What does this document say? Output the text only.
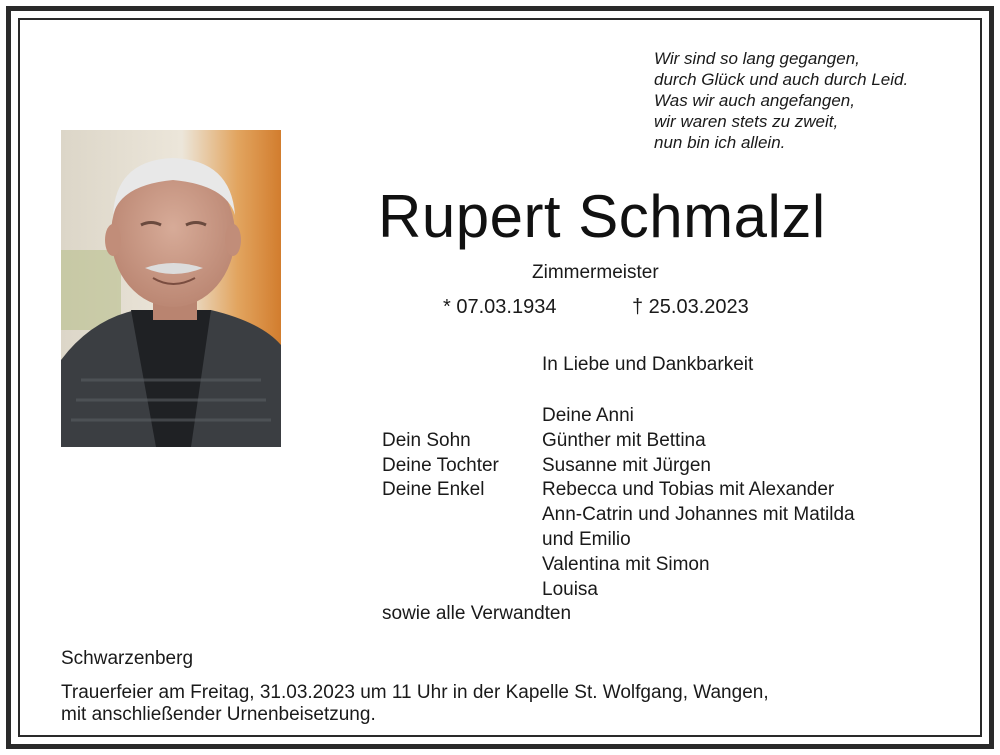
Wir sind so lang gegangen,
durch Glück und auch durch Leid.
Was wir auch angefangen,
wir waren stets zu zweit,
nun bin ich allein.
Rupert Schmalzl
Zimmermeister
* 07.03.1934	† 25.03.2023
In Liebe und Dankbarkeit
Deine Anni
Dein Sohn	Günther mit Bettina
Deine Tochter Susanne mit Jürgen
Deine Enkel	Rebecca und Tobias mit Alexander
Ann-Catrin und Johannes mit Matilda
und Emilio
Valentina mit Simon
Louisa
sowie alle Verwandten
Schwarzenberg
Trauerfeier am Freitag, 31.03.2023 um 11 Uhr in der Kapelle St. Wolfgang, Wangen,
mit anschließender Urnenbeisetzung.
